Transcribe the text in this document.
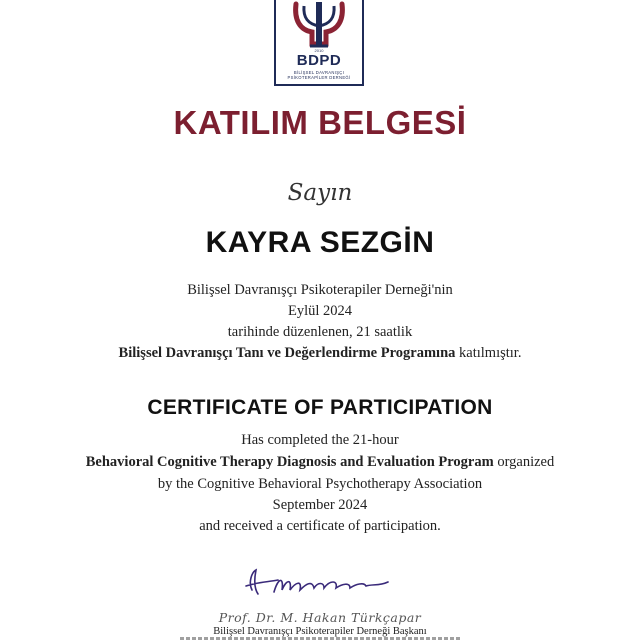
2010
BDPD
BİLİŞSEL DAVRANIŞÇI
PSİKOTERAPİLER DERNEĞİ
KATILIM BELGESİ
Sayın
KAYRA SEZGİN
Bilişsel Davranışçı Psikoterapiler Derneği'nin
Eylül 2024
tarihinde düzenlenen, 21 saatlik
Bilişsel Davranışçı Tanı ve Değerlendirme Programına katılmıştır.
CERTIFICATE OF PARTICIPATION
Has completed the 21-hour
Behavioral Cognitive Therapy Diagnosis and Evaluation Program organized
by the Cognitive Behavioral Psychotherapy Association
September 2024
and received a certificate of participation.
Prof. Dr. M. Hakan Türkçapar
Bilişsel Davranışçı Psikoterapiler Derneği Başkanı
